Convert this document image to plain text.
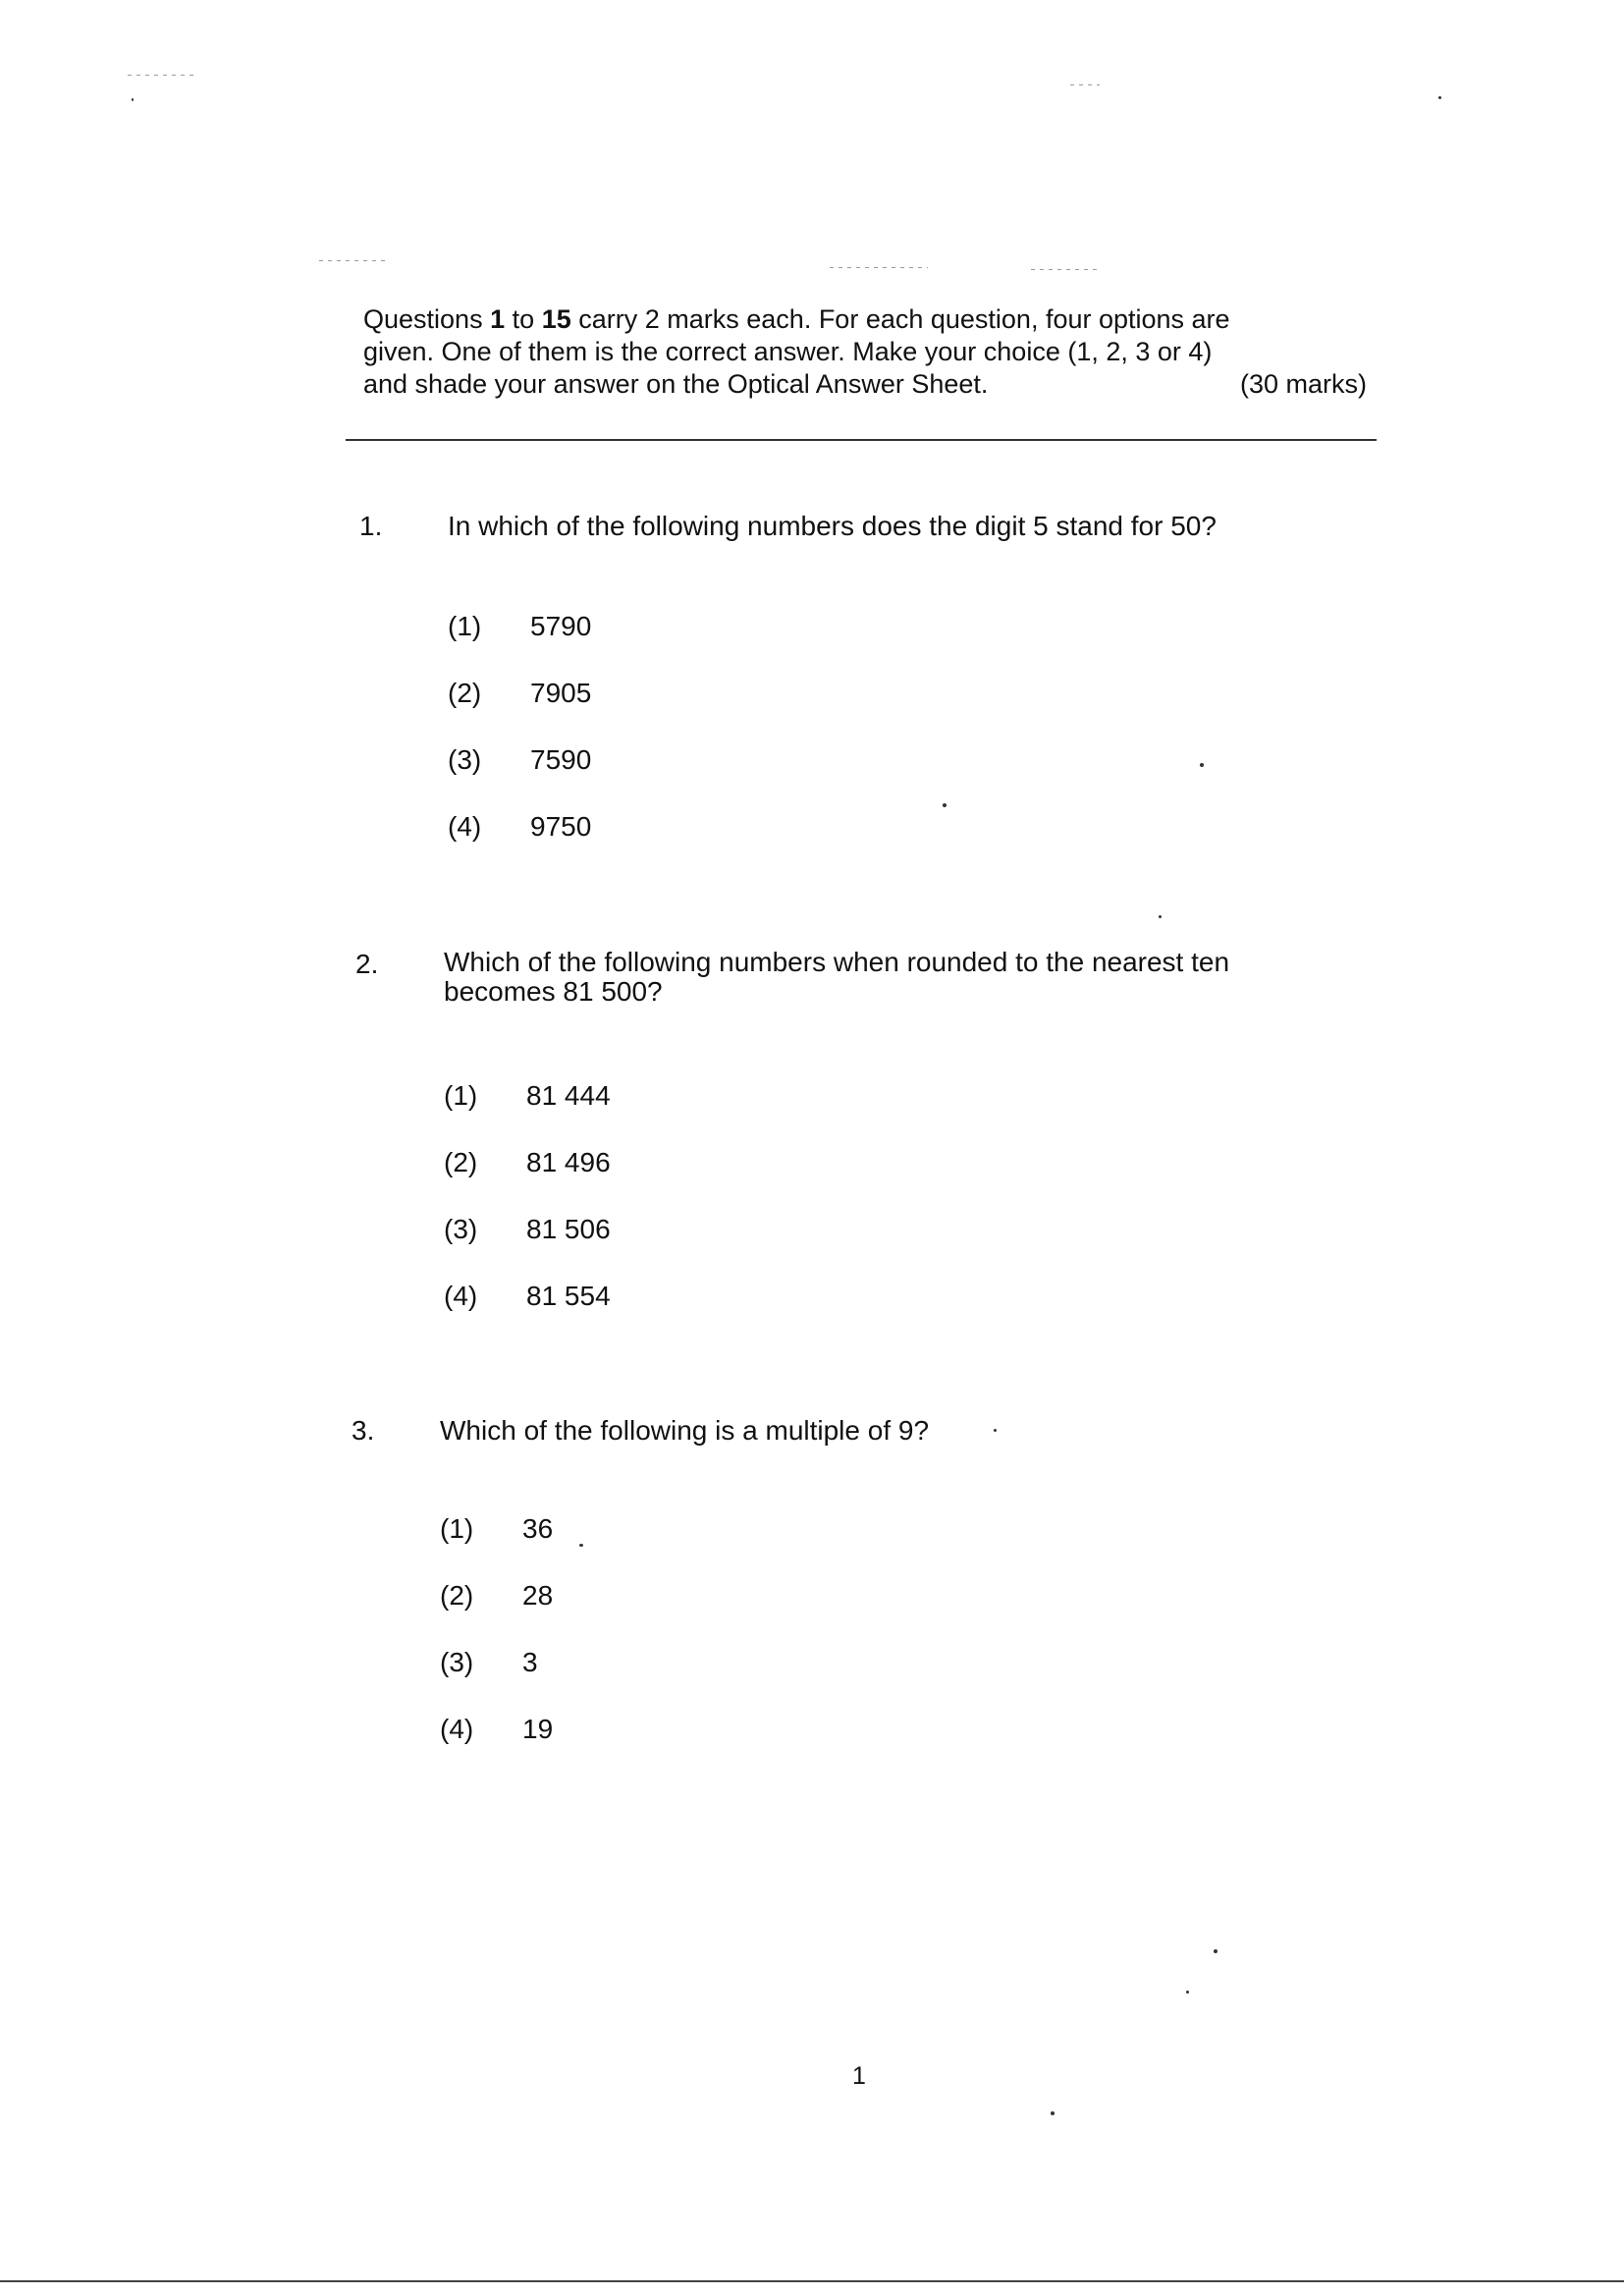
Questions 1 to 15 carry 2 marks each. For each question, four options are
given. One of them is the correct answer. Make your choice (1, 2, 3 or 4)
and shade your answer on the Optical Answer Sheet.	(30 marks)
1. In which of the following numbers does the digit 5 stand for 50?
(1) 5790
(2) 7905
(3) 7590
(4) 9750
2. Which of the following numbers when rounded to the nearest ten becomes 81 500?
(1) 81 444
(2) 81 496
(3) 81 506
(4) 81 554
3. Which of the following is a multiple of 9?
(1) 36
(2) 28
(3) 3
(4) 19
1
